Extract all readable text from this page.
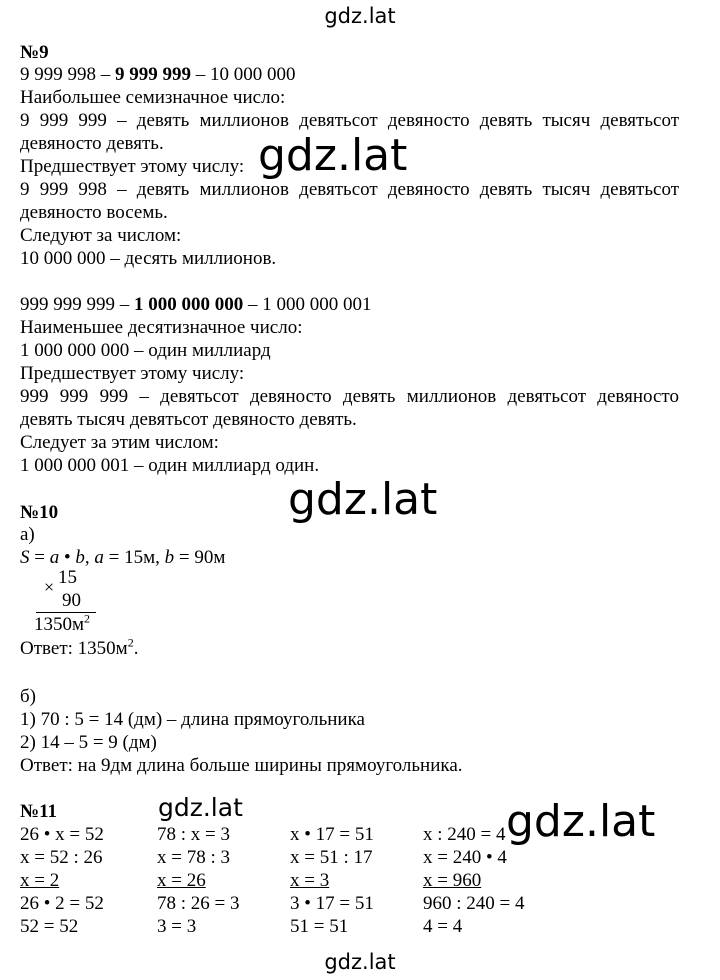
gdz.lat
gdz.lat
gdz.lat
gdz.lat
gdz.lat
gdz.lat
№9
9 999 998 – 9 999 999 – 10 000 000
Наибольшее семизначное число:
9 999 999 – девять миллионов девятьсот девяносто девять тысяч девятьсот
девяносто девять.
Предшествует этому числу:
9 999 998 – девять миллионов девятьсот девяносто девять тысяч девятьсот
девяносто восемь.
Следуют за числом:
10 000 000 – десять миллионов.
999 999 999 – 1 000 000 000 – 1 000 000 001
Наименьшее десятизначное число:
1 000 000 000 – один миллиард
Предшествует этому числу:
999 999 999 – девятьсот девяносто девять миллионов девятьсот девяносто
девять тысяч девятьсот девяносто девять.
Следует за этим числом:
1 000 000 001 – один миллиард один.
№10
а)
S = a • b, a = 15м, b = 90м
× 15
90
$1350м^2$
Ответ: $1350м^2$.
б)
1) 70 : 5 = 14 (дм) – длина прямоугольника
2) 14 – 5 = 9 (дм)
Ответ: на 9дм длина больше ширины прямоугольника.
№11
26 • x = 52
x = 52 : 26
x = 2
26 • 2 = 52
52 = 52
78 : x = 3
x = 78 : 3
x = 26
78 : 26 = 3
3 = 3
x • 17 = 51
x = 51 : 17
x = 3
3 • 17 = 51
51 = 51
x : 240 = 4
x = 240 • 4
x = 960
960 : 240 = 4
4 = 4
